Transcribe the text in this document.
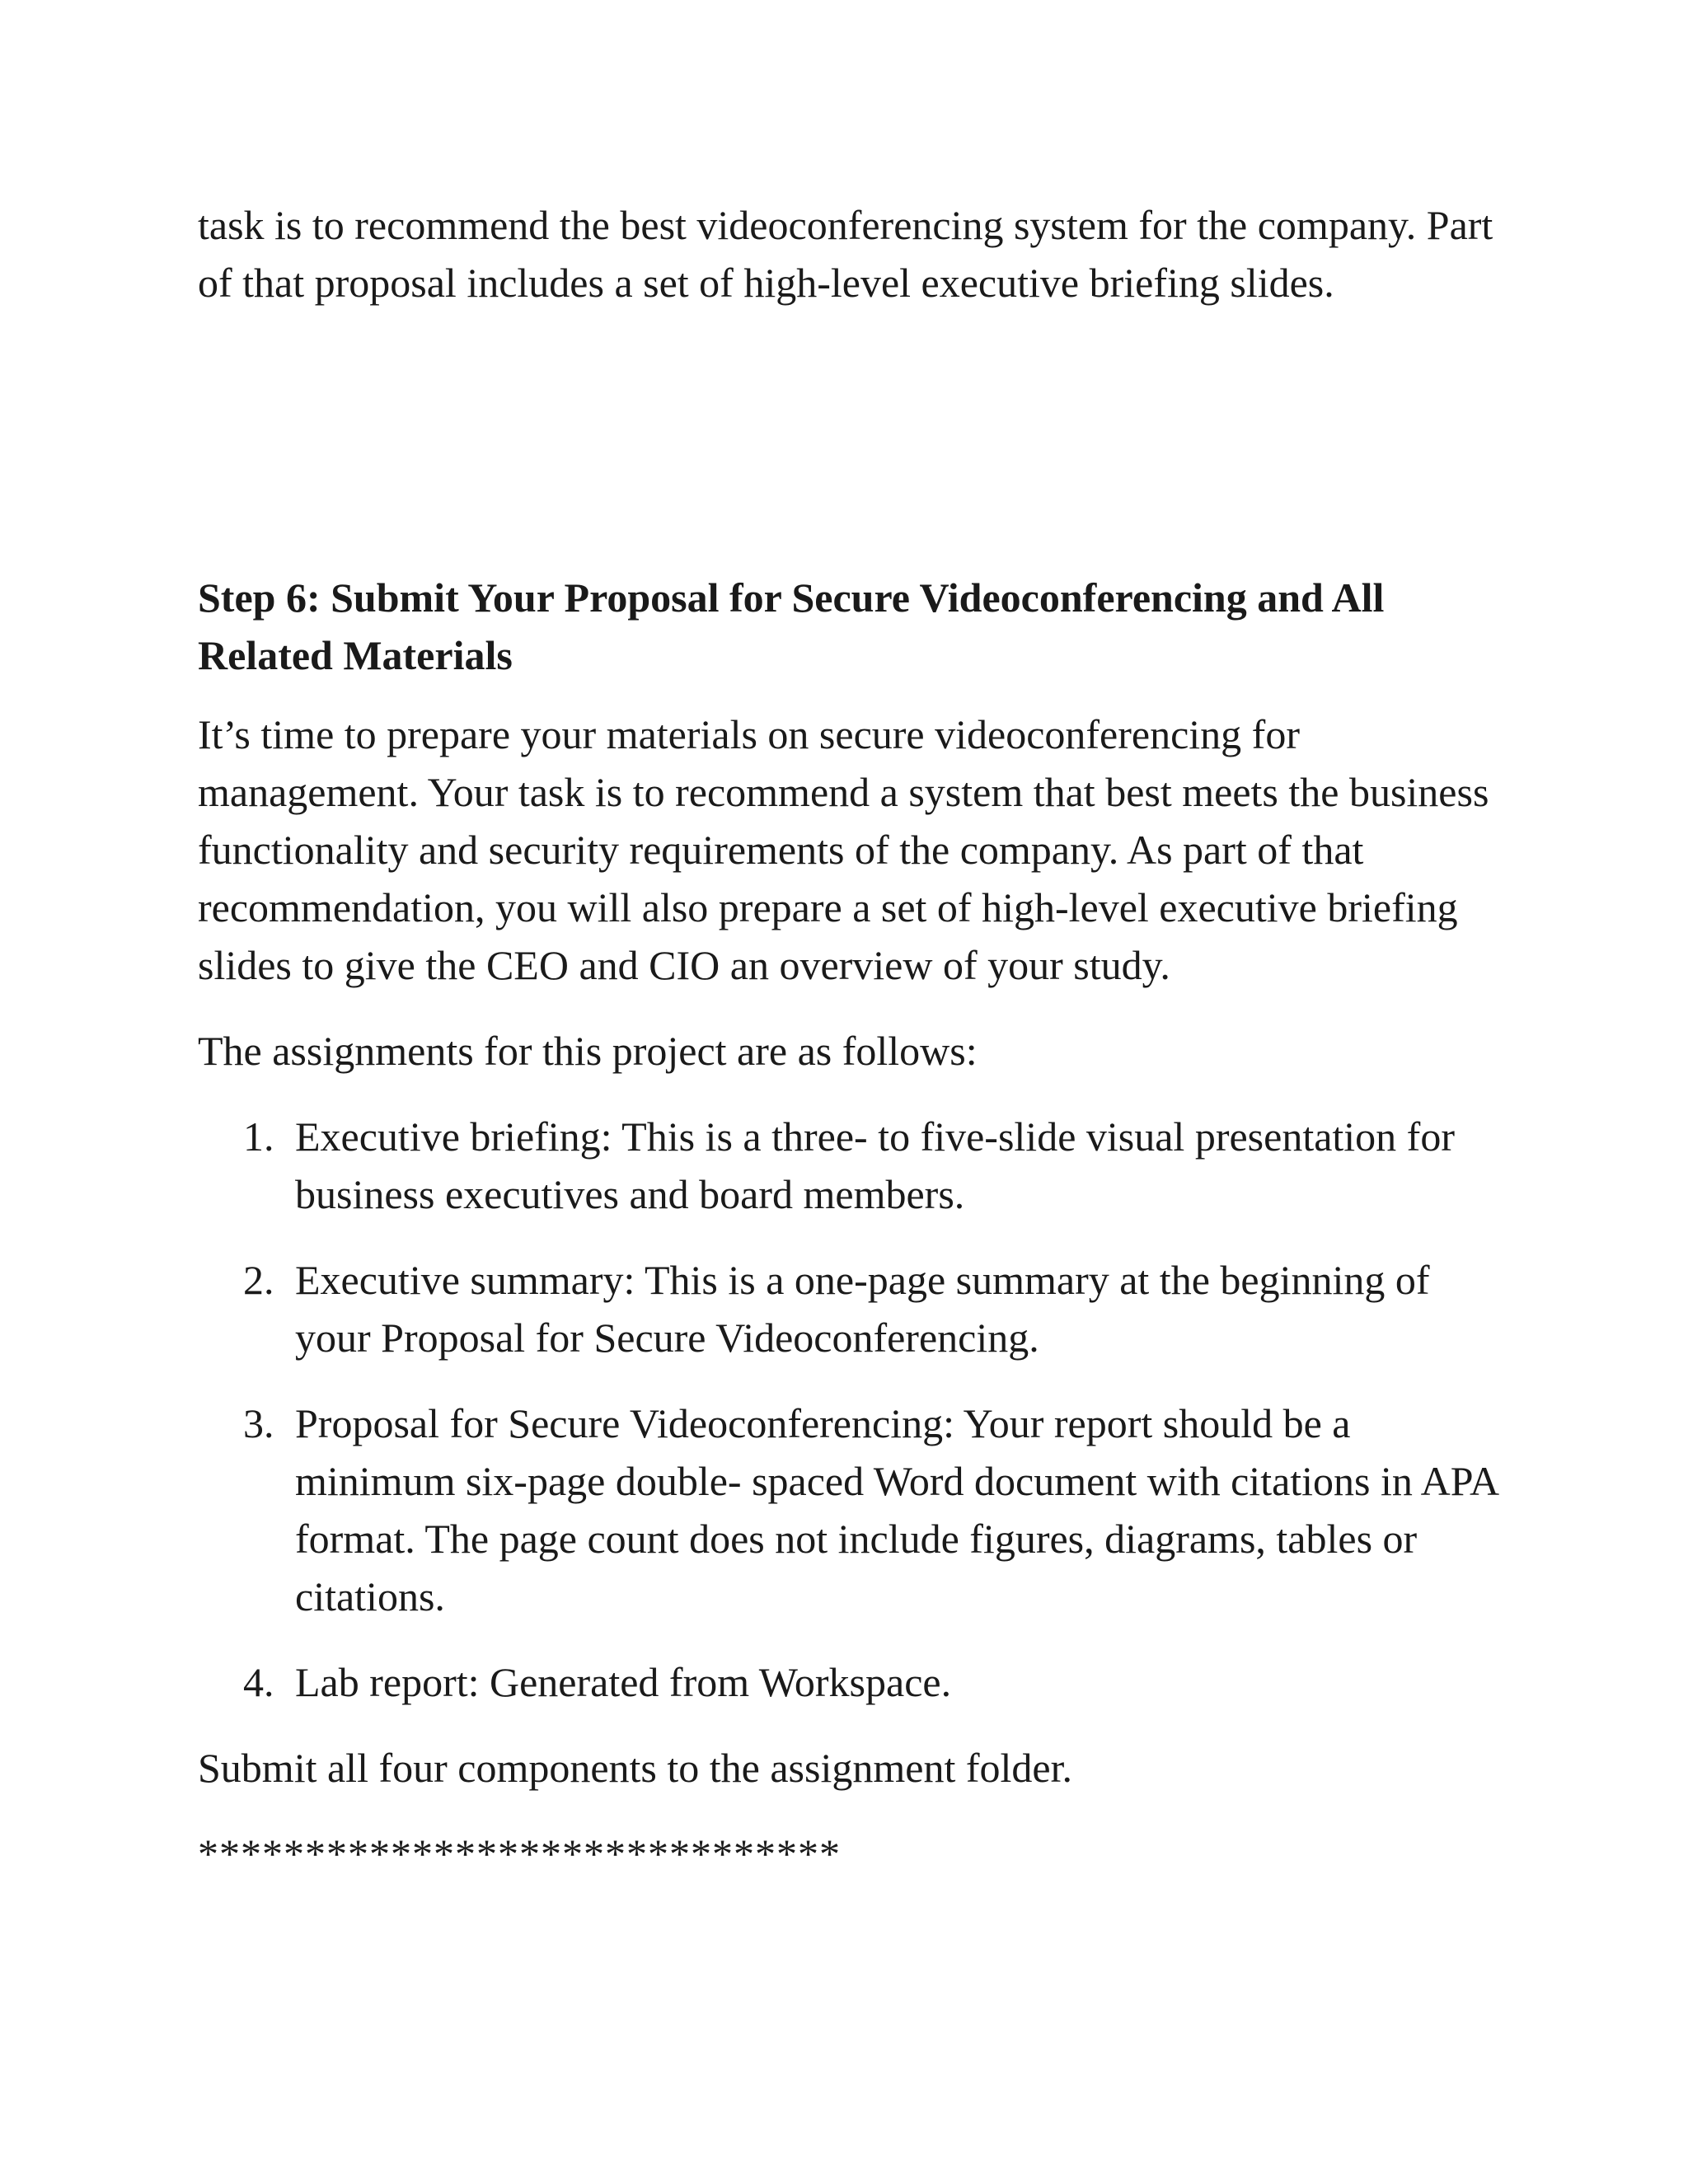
task is to recommend the best videoconferencing system for the company. Part of that proposal includes a set of high-level executive briefing slides.

Step 6: Submit Your Proposal for Secure Videoconferencing and All Related Materials

It’s time to prepare your materials on secure videoconferencing for management. Your task is to recommend a system that best meets the business functionality and security requirements of the company. As part of that recommendation, you will also prepare a set of high-level executive briefing slides to give the CEO and CIO an overview of your study.

The assignments for this project are as follows:

1. Executive briefing: This is a three- to five-slide visual presentation for business executives and board members.
2. Executive summary: This is a one-page summary at the beginning of your Proposal for Secure Videoconferencing.
3. Proposal for Secure Videoconferencing: Your report should be a minimum six-page double- spaced Word document with citations in APA format. The page count does not include figures, diagrams, tables or citations.
4. Lab report: Generated from Workspace.

Submit all four components to the assignment folder.

******************************
